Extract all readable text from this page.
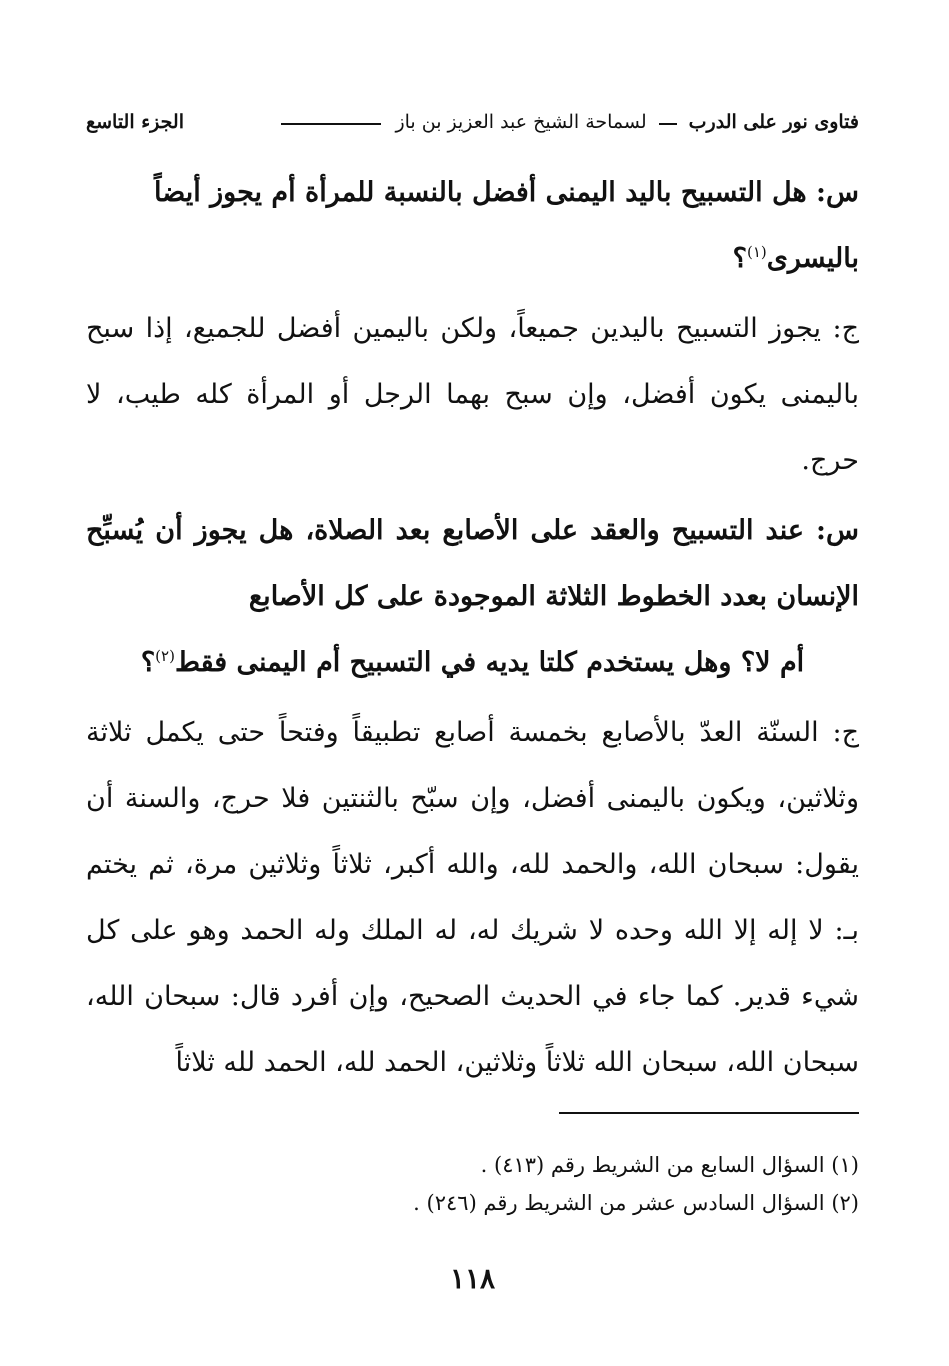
فتاوى نور على الدرب
لسماحة الشيخ عبد العزيز بن باز
الجزء التاسع

س: هل التسبيح باليد اليمنى أفضل بالنسبة للمرأة أم يجوز أيضاً
باليسرى$^{(١)}$؟

ج: يجوز التسبيح باليدين جميعاً، ولكن باليمين أفضل للجميع، إذا سبح باليمنى يكون أفضل، وإن سبح بهما الرجل أو المرأة كله طيب، لا حرج.

س: عند التسبيح والعقد على الأصابع بعد الصلاة، هل يجوز أن يُسبِّح الإنسان بعدد الخطوط الثلاثة الموجودة على كل الأصابع
أم لا؟ وهل يستخدم كلتا يديه في التسبيح أم اليمنى فقط$^{(٢)}$؟

ج: السنّة العدّ بالأصابع بخمسة أصابع تطبيقاً وفتحاً حتى يكمل ثلاثة وثلاثين، ويكون باليمنى أفضل، وإن سبّح بالثنتين فلا حرج، والسنة أن يقول: سبحان الله، والحمد لله، والله أكبر، ثلاثاً وثلاثين مرة، ثم يختم بـ: لا إله إلا الله وحده لا شريك له، له الملك وله الحمد وهو على كل شيء قدير. كما جاء في الحديث الصحيح، وإن أفرد قال: سبحان الله، سبحان الله، سبحان الله ثلاثاً وثلاثين، الحمد لله، الحمد لله ثلاثاً

(١) السؤال السابع من الشريط رقم (٤١٣) .
(٢) السؤال السادس عشر من الشريط رقم (٢٤٦) .
١١٨
